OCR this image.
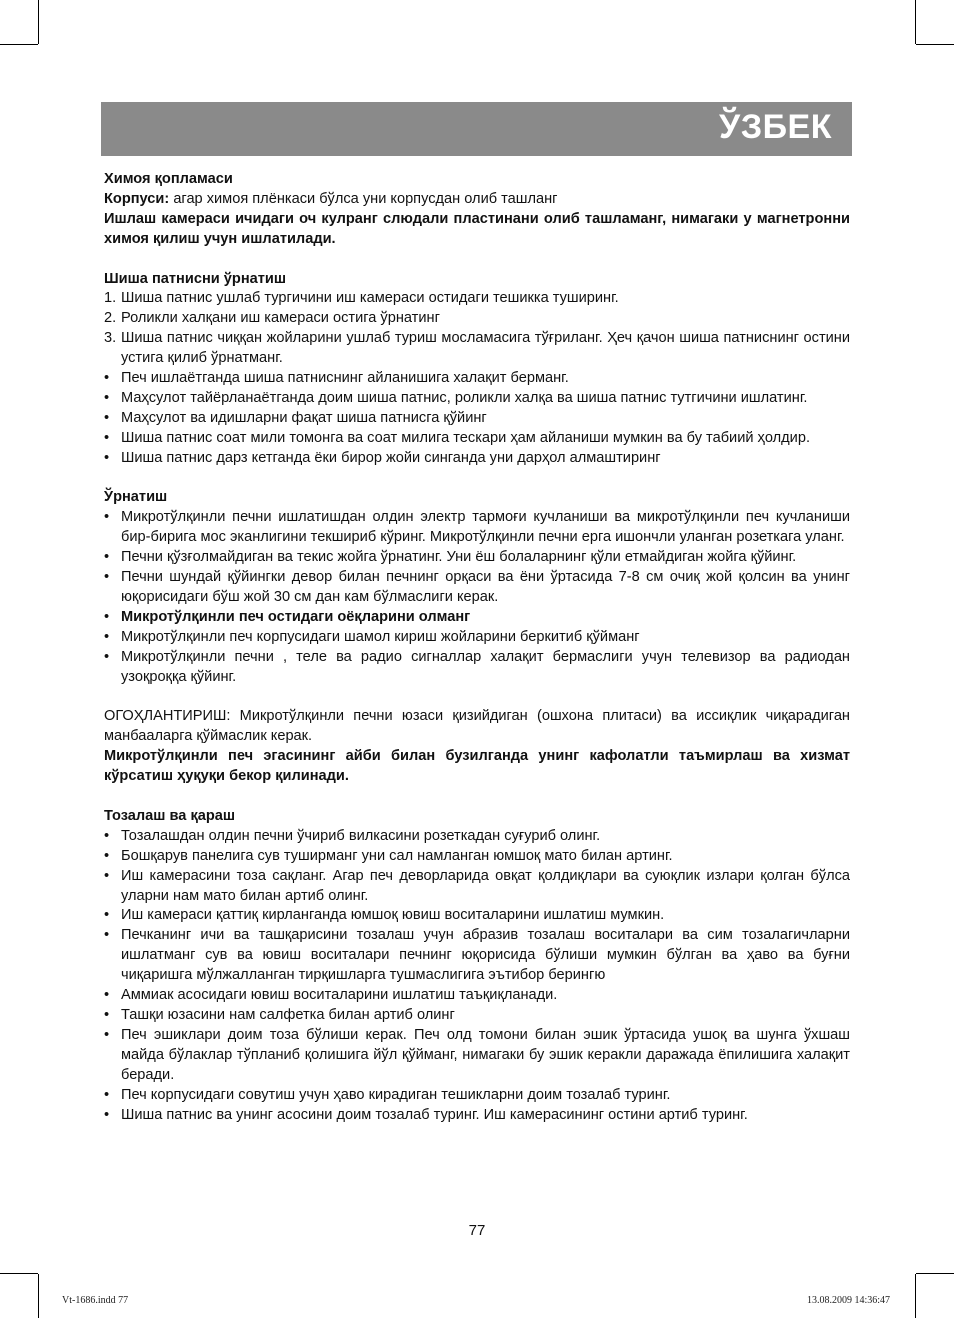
ЎЗБЕК

Химоя қопламаси

Корпуси: агар химоя плёнкаси бўлса уни корпусдан олиб ташланг

Ишлаш камераси ичидаги оч кулранг слюдали пластинани олиб ташламанг, нимагаки у магнетронни химоя қилиш учун ишлатилади.

Шиша патнисни ўрнатиш

1. Шиша патнис ушлаб тургичини иш камераси остидаги тешикка туширинг.
2. Роликли халқани иш камераси остига ўрнатинг
3. Шиша патнис чиққан жойларини ушлаб туриш мосламасига тўғриланг. Ҳеч қачон шиша патниснинг остини устига қилиб ўрнатманг.
• Печ ишлаётганда шиша патниснинг айланишига халақит берманг.
• Маҳсулот тайёрланаётганда доим шиша патнис, роликли халқа ва шиша патнис тутгичини ишлатинг.
• Маҳсулот ва идишларни фақат шиша патнисга қўйинг
• Шиша патнис соат мили томонга ва соат милига тескари ҳам айланиши мумкин ва бу табиий ҳолдир.
• Шиша патнис дарз кетганда ёки бирор жойи синганда уни дарҳол алмаштиринг

Ўрнатиш

• Микротўлқинли печни ишлатишдан олдин электр тармоғи кучланиши ва микротўлқинли печ кучланиши бир-бирига мос эканлигини текшириб кўринг. Микротўлқинли печни ерга ишончли уланган розеткага уланг.
• Печни қўзғолмайдиган ва текис жойга ўрнатинг. Уни ёш болаларнинг қўли етмайдиган жойга қўйинг.
• Печни шундай қўйингки девор билан печнинг орқаси ва ёни ўртасида 7-8 см очиқ жой қолсин ва унинг юқорисидаги бўш жой 30 см дан кам бўлмаслиги керак.
• Микротўлқинли печ остидаги оёқларини олманг
• Микротўлқинли печ корпусидаги шамол кириш жойларини беркитиб қўйманг
• Микротўлқинли печни , теле ва радио сигналлар халақит бермаслиги учун телевизор ва радиодан узоқроққа қўйинг.

ОГОҲЛАНТИРИШ: Микротўлқинли печни юзаси қизийдиган (ошхона плитаси) ва иссиқлик чиқарадиган манбааларга қўймаслик керак.

Микротўлқинли печ эгасининг айби билан бузилганда унинг кафолатли таъмирлаш ва хизмат кўрсатиш ҳуқуқи бекор қилинади.

Тозалаш ва қараш

• Тозалашдан олдин печни ўчириб вилкасини розеткадан суғуриб олинг.
• Бошқарув панелига сув туширманг уни сал намланган юмшоқ мато билан артинг.
• Иш камерасини тоза сақланг. Агар печ деворларида овқат қолдиқлари ва суюқлик излари қолган бўлса уларни нам мато билан артиб олинг.
• Иш камераси қаттиқ кирланганда юмшоқ ювиш воситаларини ишлатиш мумкин.
• Печканинг ичи ва ташқарисини тозалаш учун абразив тозалаш воситалари ва сим тозалагичларни ишлатманг сув ва ювиш воситалари печнинг юқорисида бўлиши мумкин бўлган ва ҳаво ва буғни чиқаришга мўлжалланган тирқишларга тушмаслигига эътибор берингю
• Аммиак асосидаги ювиш воситаларини ишлатиш таъқиқланади.
• Ташқи юзасини нам салфетка билан артиб олинг
• Печ эшиклари доим тоза бўлиши керак. Печ олд томони билан эшик ўртасида ушоқ ва шунга ўхшаш майда бўлаклар тўпланиб қолишига йўл қўйманг, нимагаки бу эшик керакли даражада ёпилишига халақит беради.
• Печ корпусидаги совутиш учун ҳаво кирадиган тешикларни доим тозалаб туринг.
• Шиша патнис ва унинг асосини доим тозалаб туринг. Иш камерасининг остини артиб туринг.
77
Vt-1686.indd 77	13.08.2009 14:36:47
